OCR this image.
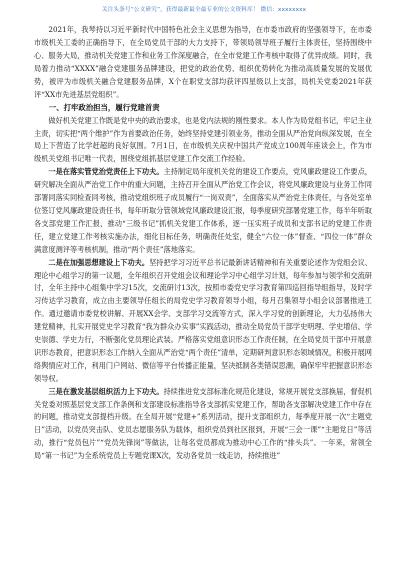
关注头条号“公文研究”，获得最新最全最专业的公文资料库！ 微信：xxxxxxxx

2021年，我琴持以习近平新时代中国特色社会主义思想为指导，在市委市政府的坚强领导下，在市委市级机关工委的正确指导下，在全局党员干部的大力支持下，带领局领导班子履行主体责任，坚持围绕中心、服务大局，推动机关党建工作和业务工作深度融合，在全市党建工作考核中取得了优异成绩。同时，我局着力推动“XXXX”融合党建服务品牌建设，把党的政治优势、组织优势转化为推动高质量发展的发展优势，被评为市级机关融合党建服务品牌，X个在职党支部均获评四星级以上支部，局机关党委2021年获评“XX市先进基层党组织”。

一、打牢政治担当，履行党建首责

做好机关党建工作既是党中央的政治要求，也是党内法规的刚性要求。本人作为局党组书记，牢记主业主责，切实把“两个维护”作为首要政治任务，始终坚持党建引领业务，推动全面从严治党向纵深发展，在全局上下营造了比学赶超的良好氛围。7月1日，在市级机关庆祝中国共产党成立100周年座谈会上，作为市级机关党组书记唯一代表，围绕党组抓基层党建工作交流工作经验。

一是在落实管党治党责任上下功夫。主持制定局年度机关党的建设工作要点，党风廉政建设工作要点，研究解决全面从严治党工作中的重大问题，主持召开全面从严治党工作会议，将党风廉政建设与业务工作同部署同落实同检查同考核，推动党组织班子成员履行“一岗双责”，全面落实从严治党主体责任，与各处室单位签订党风廉政建设责任书，每年听取分管领域党风廉政建设汇报，每季度研究部署党建工作，每半年听取各支部党建工作汇报，推动“三级书记”抓机关党建工作体系，逐一压实班子成员和支部书记的党建工作责任，建立党建工作考核实施办法，细化目标任务，明确责任处室，健全“六位一体”督查、“四位一体”群众满意度测评等考核机制，推动“两个责任”落地落实。

二是在加强思想建设上下功夫。坚持把学习习近平总书记最新讲话精神和有关重要论述作为党组会议、理论中心组学习的第一议题，全年组织召开党组会议和理论学习中心组学习计划，每年参加与领学和交流研讨，全年主持中心组集中学习15次，交流研讨13次，按照市委党史学习教育第四巡回指导组指导，及时学习传达学习教育，成立由主要领导任组长的局党史学习教育领导小组，每月召集领导小组会议部署推进工作。通过邀请市委党校讲解、开展XX会学、支部学习交流等方式，深入学习党的创新理论，大力弘扬伟大建党精神，扎实开展党史学习教育“我为群众办实事”实践活动，推动全局党员干部学史明理、学史增信、学史崇德、学史力行，不断强化党员理论武装。严格落实党组意识形态工作责任制，在全局党员干部中开展意识形态教育，把意识形态工作纳入全面从严治党“两个责任”清单，定期研判意识形态领域情况，积极开展网络舆情应对工作，利用门户网站、微信等平台传播正能量，坚决抵制各类错误思潮，确保牢牢把握意识形态领导权。

三是在激发基层组织活力上下功夫。持续推进党支部标准化规范化建设，常规开展党支部换届，督促机关党委对照基层党支部工作条例和支部建设标准指导各支部抓实党建工作，帮助各支部解决党建工作中存在的问题，推动党支部提档升级。在全局开展“党建+”系列活动，提升支部组织力，每季度开展一次“主题党日”活动，以党员突击队、党员志愿服务队为载体，组织党员到社区报到，开展“三会一课”“主题党日”等活动，推行“党员包片”“党员先锋岗”等做法，让每名党员都成为推动中心工作的“排头兵”。一年来，常领全局“第一书记”为全系统党员上专题党课X次，发动各党员一线走访，持续推进”
